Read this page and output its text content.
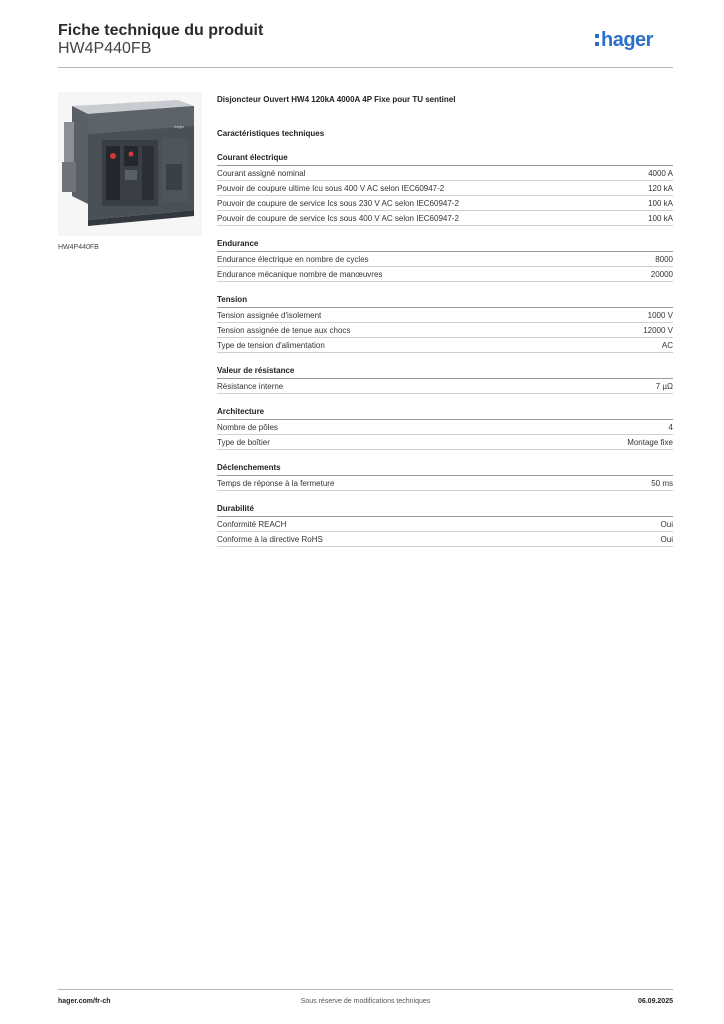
Fiche technique du produit
HW4P440FB	hager
hager
HW4P440FB
Disjoncteur Ouvert HW4 120kA 4000A 4P Fixe pour TU sentinel
Caractéristiques techniques
Courant électrique
Courant assigné nominal	4000 A
Pouvoir de coupure ultime Icu sous 400 V AC selon IEC60947-2	120 kA
Pouvoir de coupure de service Ics sous 230 V AC selon IEC60947-2	100 kA
Pouvoir de coupure de service Ics sous 400 V AC selon IEC60947-2	100 kA
Endurance
Endurance électrique en nombre de cycles	8000
Endurance mécanique nombre de manœuvres	20000
Tension
Tension assignée d'isolement	1000 V
Tension assignée de tenue aux chocs	12000 V
Type de tension d'alimentation	AC
Valeur de résistance
Résistance interne	7 µΩ
Architecture
Nombre de pôles	4
Type de boîtier	Montage fixe
Déclenchements
Temps de réponse à la fermeture	50 ms
Durabilité
Conformité REACH	Oui
Conforme à la directive RoHS	Oui
hager.com/fr-ch	Sous réserve de modifications techniques	06.09.2025
